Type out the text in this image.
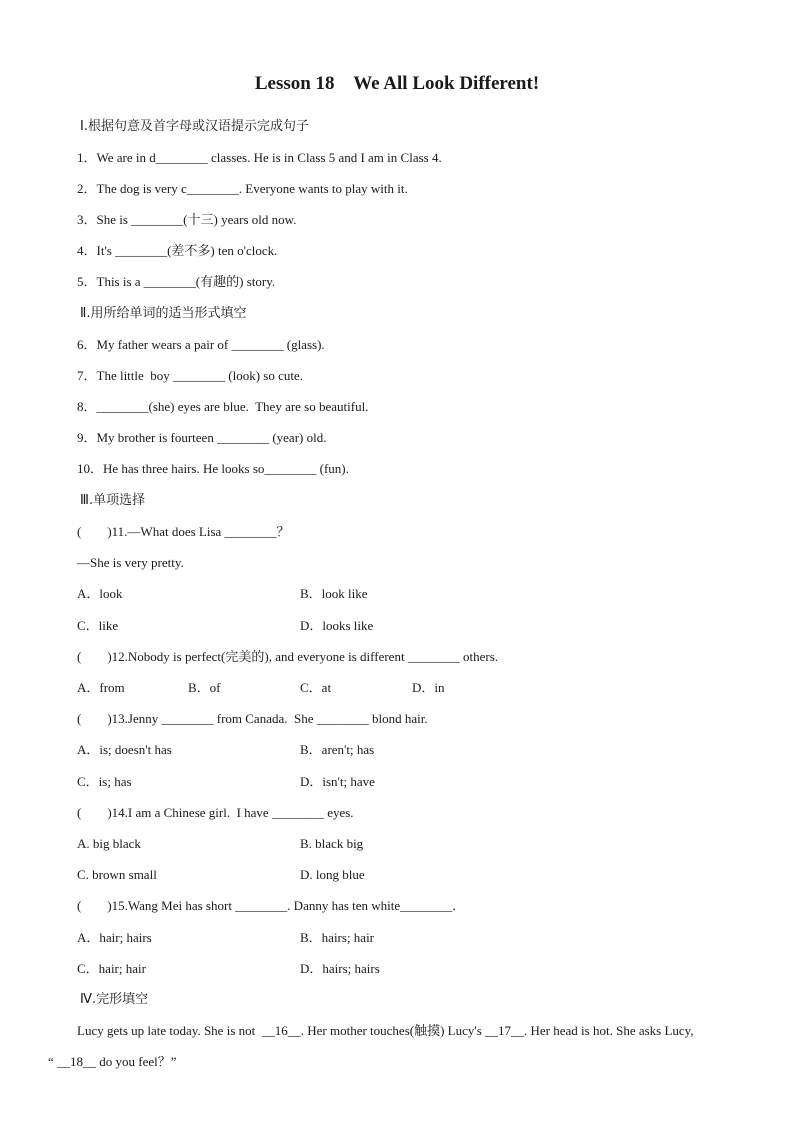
Lesson 18    We All Look Different!
Ⅰ.根据句意及首字母或汉语提示完成句子
1．We are in d________ classes. He is in Class 5 and I am in Class 4.
2．The dog is very c________. Everyone wants to play with it.
3．She is ________(十三) years old now.
4．It's ________(差不多) ten o'clock.
5．This is a ________(有趣的) story.
Ⅱ.用所给单词的适当形式填空
6．My father wears a pair of ________ (glass).
7．The little  boy ________ (look) so cute.
8．________(she) eyes are blue.  They are so beautiful.
9．My brother is fourteen ________ (year) old.
10．He has three hairs. He looks so________ (fun).
Ⅲ.单项选择
(        )11.—What does Lisa ________？
—She is very pretty.
A．look	B．look like
C．like	D．looks like
(        )12.Nobody is perfect(完美的), and everyone is different ________ others.
A．from	B．of	C．at	D．in
(        )13.Jenny ________ from Canada.  She ________ blond hair.
A．is; doesn't has	B．aren't; has
C．is; has	D．isn't; have
(        )14.I am a Chinese girl.  I have ________ eyes.
A. big black	B. black big
C. brown small	D. long blue
(        )15.Wang Mei has short ________. Danny has ten white________．
A．hair; hairs	B．hairs; hair
C．hair; hair	D．hairs; hairs
Ⅳ.完形填空
Lucy gets up late today. She is not  __16__. Her mother touches(触摸) Lucy's __17__. Her head is hot. She asks Lucy,
“ __18__ do you feel？”
